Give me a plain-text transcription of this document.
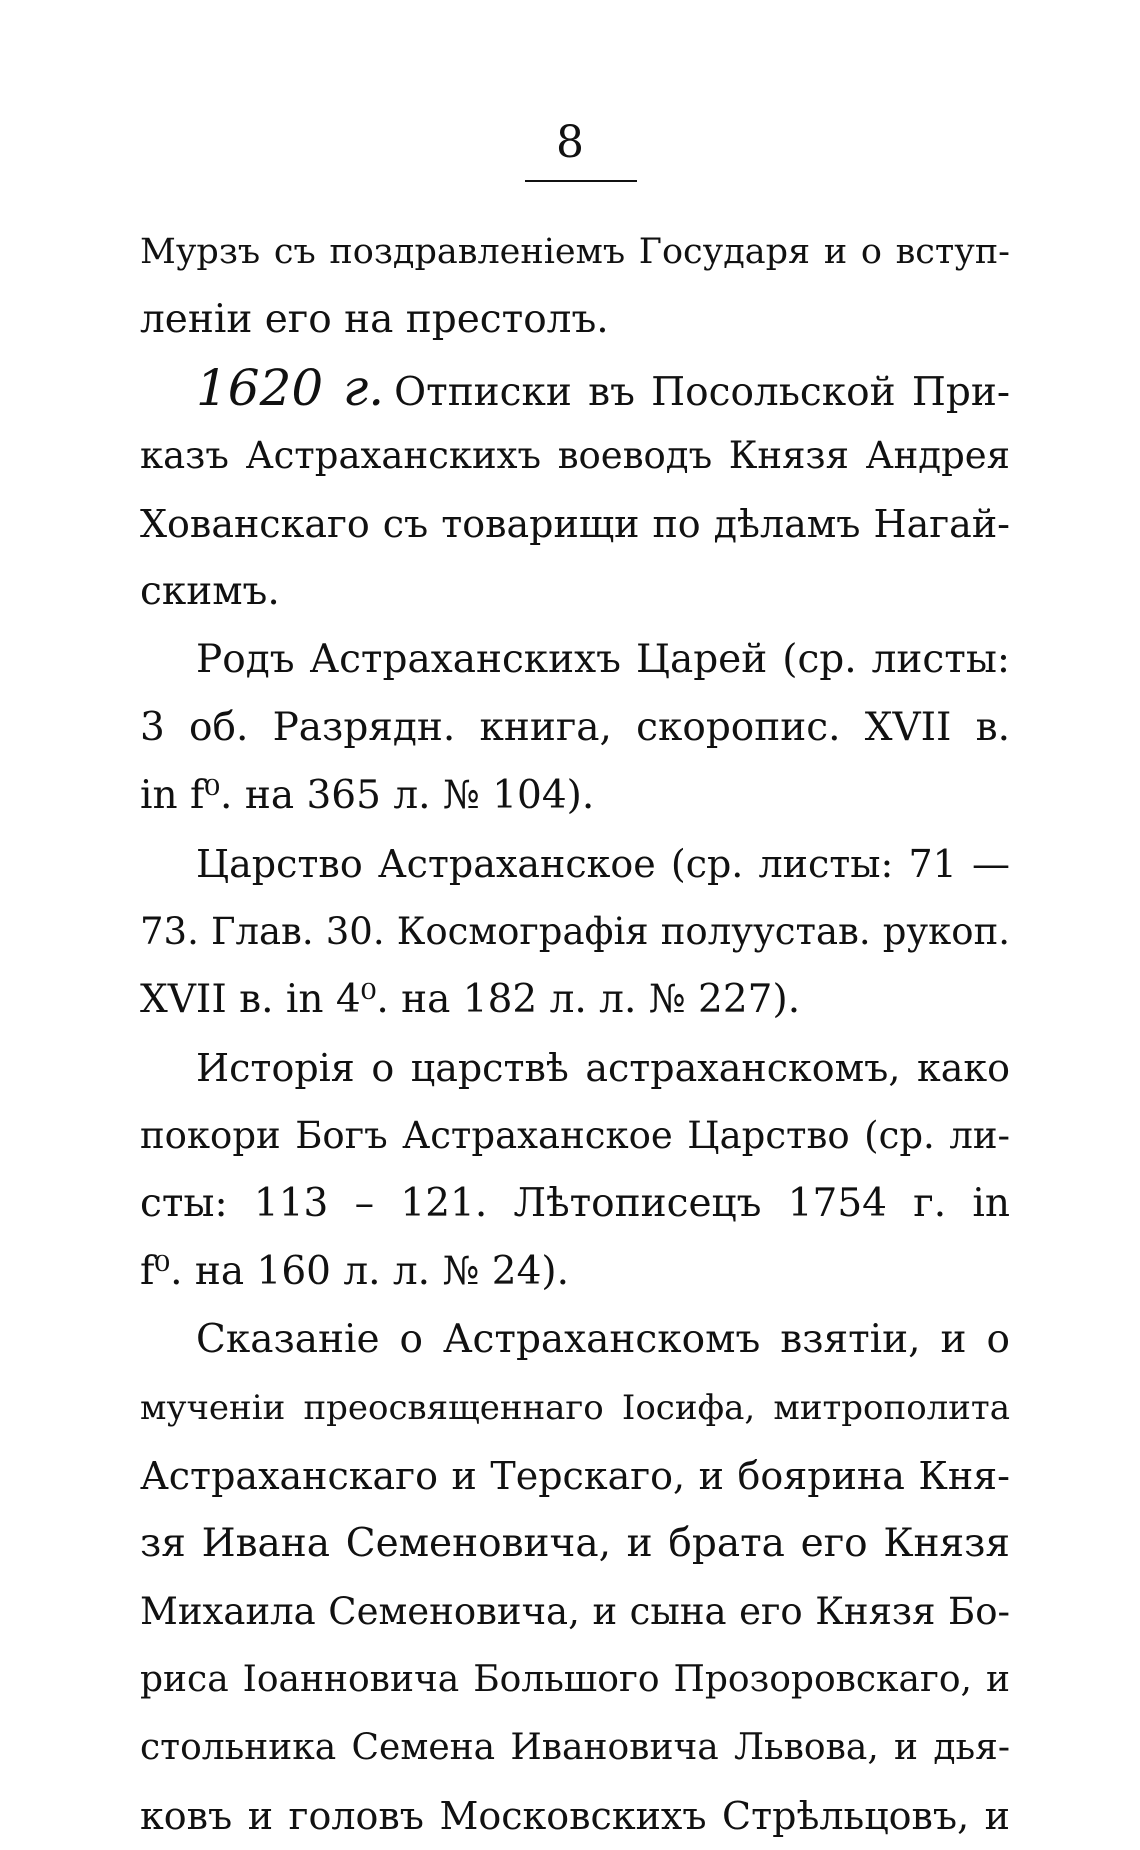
8
Мурзъ съ поздравленіемъ Государя и о вступ-
леніи его на престолъ.
1620 г. Отписки въ Посольской При-
казъ Астраханскихъ воеводъ Князя Андрея
Хованскаго съ товарищи по дѣламъ Нагай-
скимъ.
Родъ Астраханскихъ Царей (ср. листы:
3 об. Разрядн. книга, скоропис. XVII в.
in f⁰. на 365 л. № 104).
Царство Астраханское (ср. листы: 71 —
73. Глав. 30. Космографія полуустав. рукоп.
XVII в. in 4⁰. на 182 л. л. № 227).
Исторія о царствѣ астраханскомъ, како
покори Богъ Астраханское Царство (ср. ли-
сты: 113 – 121. Лѣтописецъ 1754 г. in
f⁰. на 160 л. л. № 24).
Сказаніе о Астраханскомъ взятіи, и о
мученіи преосвященнаго Іосифа, митрополита
Астраханскаго и Терскаго, и боярина Кня-
зя Ивана Семеновича, и брата его Князя
Михаила Семеновича, и сына его Князя Бо-
риса Іоанновича Большого Прозоровскаго, и
стольника Семена Ивановича Львова, и дья-
ковъ и головъ Московскихъ Стрѣльцовъ, и
